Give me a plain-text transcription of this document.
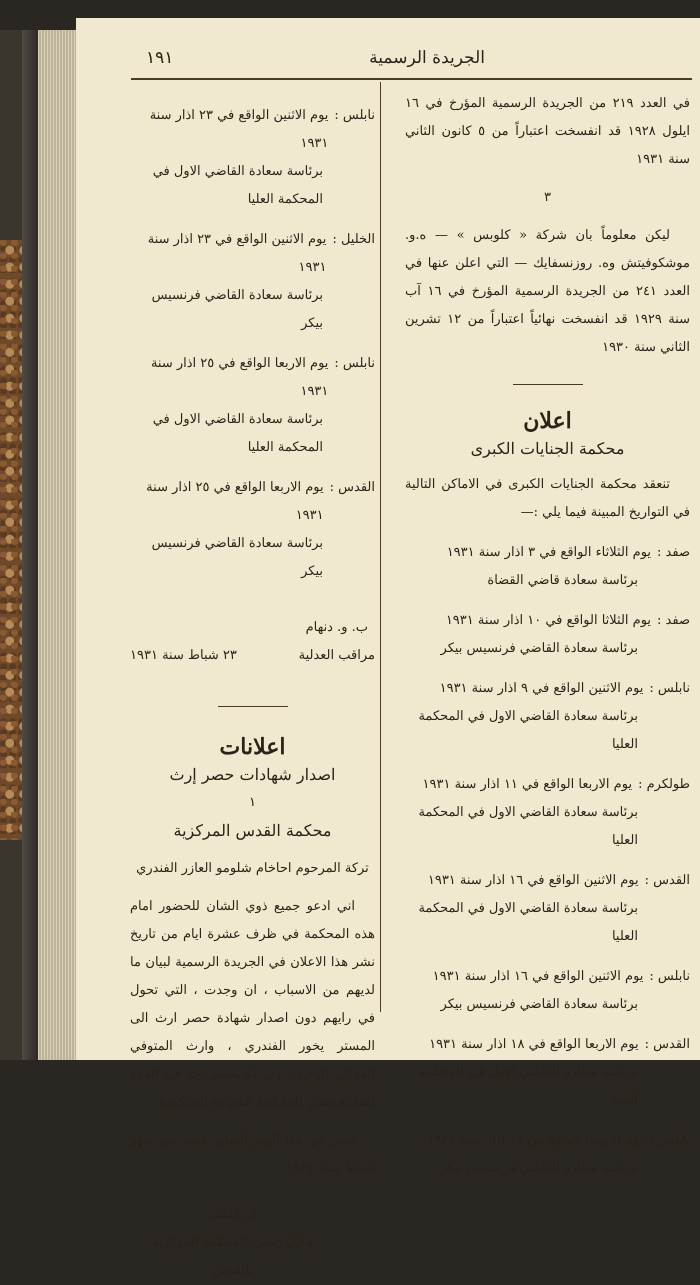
الجريدة الرسمية
١٩١
في العدد ٢١٩ من الجريدة الرسمية المؤرخ في ١٦ ايلول ١٩٢٨ قد انفسخت اعتباراً من ٥ كانون الثاني سنة ١٩٣١
٣
ليكن معلوماً بان شركة « كلوبس » — ه.و. موشكوفيتش وه. روزنسفايك — التي اعلن عنها في العدد ٢٤١ من الجريدة الرسمية المؤرخ في ١٦ آب سنة ١٩٢٩ قد انفسخت نهائياً اعتباراً من ١٢ تشرين الثاني سنة ١٩٣٠
اعلان
محكمة الجنايات الكبرى
تنعقد محكمة الجنايات الكبرى في الاماكن التالية في التواريخ المبينة فيما يلي :—
صفد :
يوم الثلاثاء الواقع في ٣ اذار سنة ١٩٣١
برئاسة سعادة قاضي القضاة
صفد :
يوم الثلاثا الواقع في ١٠ اذار سنة ١٩٣١
برئاسة سعادة القاضي فرنسيس بيكر
نابلس :
يوم الاثنين الواقع في ٩ اذار سنة ١٩٣١
برئاسة سعادة القاضي الاول في المحكمة العليا
طولكرم :
يوم الاربعا الواقع في ١١ اذار سنة ١٩٣١
برئاسة سعادة القاضي الاول في المحكمة العليا
القدس :
يوم الاثنين الواقع في ١٦ اذار سنة ١٩٣١
برئاسة سعادة القاضي الاول في المحكمة العليا
نابلس :
يوم الاثنين الواقع في ١٦ اذار سنة ١٩٣١
برئاسة سعادة القاضي فرنسيس بيكر
القدس :
يوم الاربعا الواقع في ١٨ اذار سنة ١٩٣١
برئاسة سعادة القاضي الاول في المحكمة العليا
نابلس :
يوم الاربعاء الواقع في ١٨ اذار سنة ١٩٣١
برئاسة سعادة القاضي فرنسيس بيكر
نابلس :
يوم الاثنين الواقع في ٢٣ اذار سنة ١٩٣١
برئاسة سعادة القاضي الاول في المحكمة العليا
الخليل :
يوم الاثنين الواقع في ٢٣ اذار سنة ١٩٣١
برئاسة سعادة القاضي فرنسيس بيكر
نابلس :
يوم الاربعا الواقع في ٢٥ اذار سنة ١٩٣١
برئاسة سعادة القاضي الاول في المحكمة العليا
القدس :
يوم الاربعا الواقع في ٢٥ اذار سنة ١٩٣١
برئاسة سعادة القاضي فرنسيس بيكر
ب. و. دنهام
مراقب العدلية
٢٣ شباط سنة ١٩٣١
اعلانات
اصدار شهادات حصر إرث
١
محكمة القدس المركزية
تركة المرحوم احاخام شلومو العازر الفندري
اني ادعو جميع ذوي الشان للحضور امام هذه المحكمة في ظرف عشرة ايام من تاريخ نشر هذا الاعلان في الجريدة الرسمية لبيان ما لديهم من الاسباب ، ان وجدت ، التي تحول في رايهم دون اصدار شهادة حصر ارث الى المستر يخور الفندري ، وارث المتوفي المذكور الوحيد ، وان لم يحضر احد في المدة المعينة تصدر المحكمة الشهادة المذكورة
صدر في هذا اليوم السابع عشر من شهر شباط سنة ١٩٣١
ا. بلانكت
وكيل رئيس المحكمة المركزية بالقدس
